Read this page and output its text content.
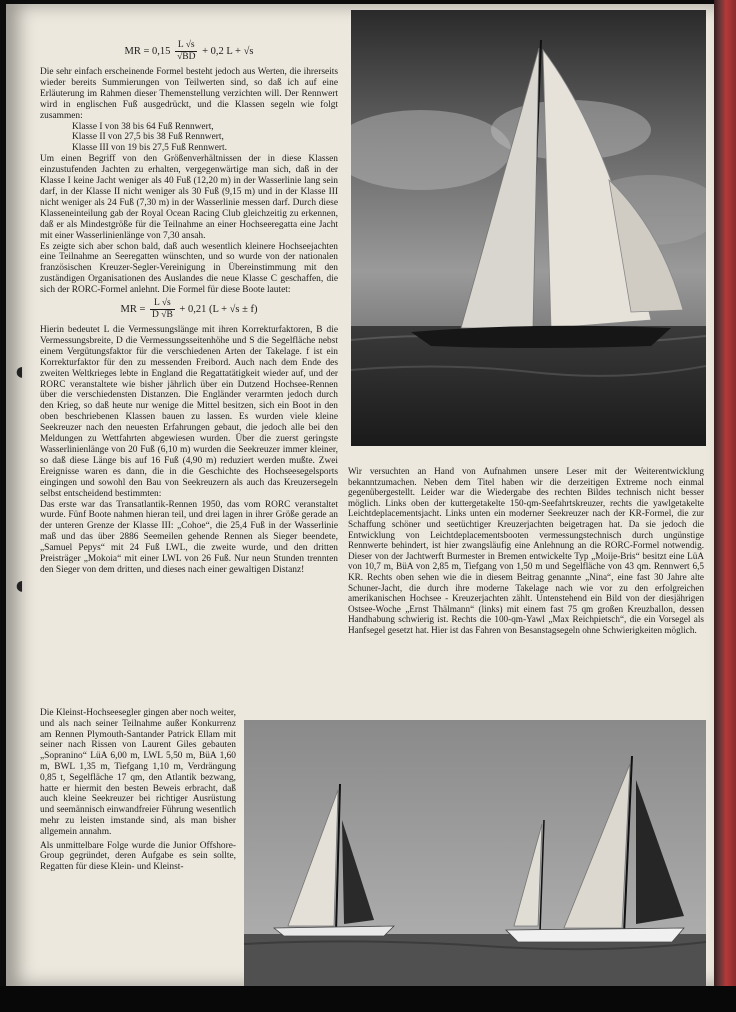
MR = $0,15 \frac{L √s}{√BD} + 0,2$ L + √s

Die sehr einfach erscheinende Formel besteht jedoch aus Werten, die ihrerseits wieder bereits Summierungen von Teilwerten sind, so daß ich auf eine Erläuterung im Rahmen dieser Themenstellung verzichten will. Der Rennwert wird in englischen Fuß ausgedrückt, und die Klassen segeln wie folgt zusammen:

Klasse I von 38 bis 64 Fuß Rennwert,

Klasse II von 27,5 bis 38 Fuß Rennwert,

Klasse III von 19 bis 27,5 Fuß Rennwert.

Um einen Begriff von den Größenverhältnissen der in diese Klassen einzustufenden Jachten zu erhalten, vergegenwärtige man sich, daß in der Klasse I keine Jacht weniger als 40 Fuß (12,20 m) in der Wasserlinie lang sein darf, in der Klasse II nicht weniger als 30 Fuß (9,15 m) und in der Klasse III nicht weniger als 24 Fuß (7,30 m) in der Wasserlinie messen darf. Durch diese Klasseneinteilung gab der Royal Ocean Racing Club gleichzeitig zu erkennen, daß er als Mindestgröße für die Teilnahme an einer Hochseeregatta eine Jacht mit einer Wasserlinienlänge von 7,30 ansah.

Es zeigte sich aber schon bald, daß auch wesentlich kleinere Hochseejachten eine Teilnahme an Seeregatten wünschten, und so wurde von der nationalen französischen Kreuzer-Segler-Vereinigung in Übereinstimmung mit den zuständigen Organisationen des Auslandes die neue Klasse C geschaffen, die sich der RORC-Formel anlehnt. Die Formel für diese Boote lautet:

MR = $\frac{L √s}{D √B} + 0,21$ (L + √s ± f)

Hierin bedeutet L die Vermessungslänge mit ihren Korrekturfaktoren, B die Vermessungsbreite, D die Vermessungsseitenhöhe und S die Segelfläche nebst einem Vergütungsfaktor für die verschiedenen Arten der Takelage. f ist ein Korrekturfaktor für den zu messenden Freibord. Auch nach dem Ende des zweiten Weltkrieges lebte in England die Regattatätigkeit wieder auf, und der RORC veranstaltete wie bisher jährlich über ein Dutzend Hochsee-Rennen über die verschiedensten Distanzen. Die Engländer verarmten jedoch durch den Krieg, so daß heute nur wenige die Mittel besitzen, sich ein Boot in den oben beschriebenen Klassen bauen zu lassen. Es wurden viele kleine Seekreuzer nach den neuesten Erfahrungen gebaut, die jedoch alle bei den Meldungen zu Wettfahrten abgewiesen wurden. Über die zuerst geringste Wasserlinienlänge von 20 Fuß (6,10 m) wurden die Seekreuzer immer kleiner, so daß diese Länge bis auf 16 Fuß (4,90 m) reduziert werden mußte. Zwei Ereignisse waren es dann, die in die Geschichte des Hochseesegelsports eingingen und sowohl den Bau von Seekreuzern als auch das Kreuzersegeln selbst entscheidend bestimmten:

Das erste war das Transatlantik-Rennen 1950, das vom RORC veranstaltet wurde. Fünf Boote nahmen hieran teil, und drei lagen in ihrer Größe gerade an der unteren Grenze der Klasse III: „Cohoe“, die 25,4 Fuß in der Wasserlinie maß und das über 2886 Seemeilen gehende Rennen als Sieger beendete, „Samuel Pepys“ mit 24 Fuß LWL, die zweite wurde, und den dritten Preisträger „Mokoia“ mit einer LWL von 26 Fuß. Nur neun Stunden trennten den Sieger von dem dritten, und dieses nach einer gewaltigen Distanz!

Die Kleinst-Hochseesegler gingen aber noch weiter, und als nach seiner Teilnahme außer Konkurrenz am Rennen Plymouth-Santander Patrick Ellam mit seiner nach Rissen von Laurent Giles gebauten „Sopranino“ LüA 6,00 m, LWL 5,50 m, BüA 1,60 m, BWL 1,35 m, Tiefgang 1,10 m, Verdrängung 0,85 t, Segelfläche 17 qm, den Atlantik bezwang, hatte er hiermit den besten Beweis erbracht, daß auch kleine Seekreuzer bei richtiger Ausrüstung und seemännisch einwandfreier Führung wesentlich mehr zu leisten imstande sind, als man bisher allgemein annahm.

Als unmittelbare Folge wurde die Junior Offshore-Group gegründet, deren Aufgabe es sein sollte, Regatten für diese Klein- und Kleinst-

Wir versuchten an Hand von Aufnahmen unsere Leser mit der Weiterentwicklung bekanntzumachen. Neben dem Titel haben wir die derzeitigen Extreme noch einmal gegenübergestellt. Leider war die Wiedergabe des rechten Bildes technisch nicht besser möglich. Links oben der kuttergetakelte 150-qm-Seefahrtskreuzer, rechts die yawlgetakelte Leichtdeplacementsjacht. Links unten ein moderner Seekreuzer nach der KR-Formel, die zur Schaffung schöner und seetüchtiger Kreuzerjachten beigetragen hat. Da sie jedoch die Entwicklung von Leichtdeplacementsbooten vermessungstechnisch durch ungünstige Rennwerte behindert, ist hier zwangsläufig eine Anlehnung an die RORC-Formel notwendig. Dieser von der Jachtwerft Burmester in Bremen entwickelte Typ „Moije-Bris“ besitzt eine LüA von 10,7 m, BüA von 2,85 m, Tiefgang von 1,50 m und Segelfläche von 43 qm. Rennwert 6,5 KR. Rechts oben sehen wie die in diesem Beitrag genannte „Nina“, eine fast 30 Jahre alte Schuner-Jacht, die durch ihre moderne Takelage nach wie vor zu den erfolgreichen amerikanischen Hochsee - Kreuzerjachten zählt. Untenstehend ein Bild von der diesjährigen Ostsee-Woche „Ernst Thälmann“ (links) mit einem fast 75 qm großen Kreuzballon, dessen Handhabung schwierig ist. Rechts die 100-qm-Yawl „Max Reichpietsch“, die ein Vorsegel als Hanfsegel gesetzt hat. Hier ist das Fahren von Besanstagsegeln ohne Schwierigkeiten möglich.
◖
◖
